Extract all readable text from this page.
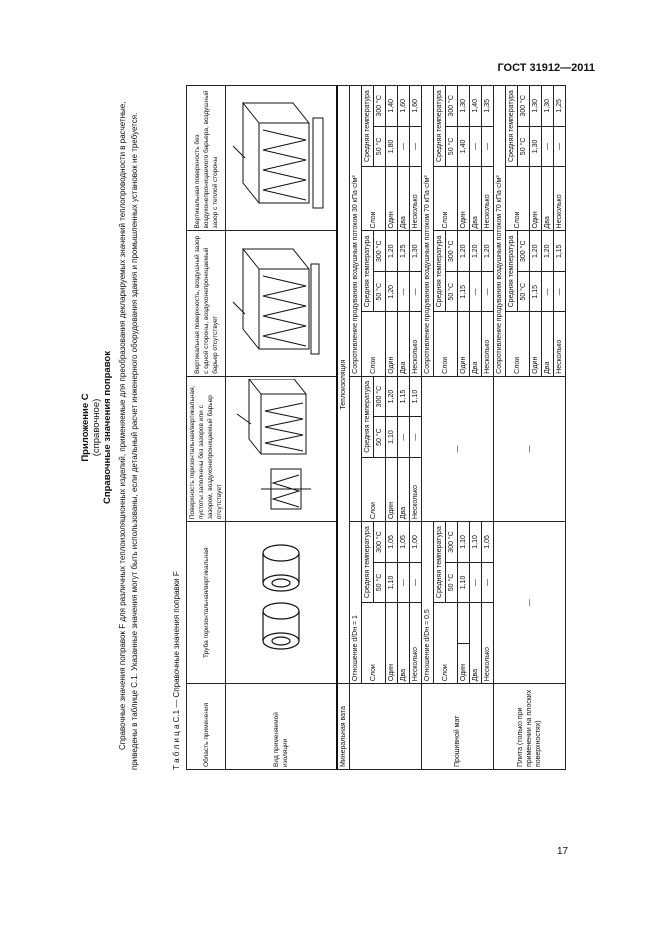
ГОСТ 31912—2011
17
Приложение С (справочное) Справочные значения поправок Справочные значения поправок F для различных теплоизоляционных изделий, применяемые для преобразования декларируемых значений теплопроводности в расчетные, приведены в таблице С.1. Указанные значения могут быть использованы, если детальный расчет инженерного оборудования здания и промышленных установок не требуется.	Т а б л и ц а С.1 — Справочные значения поправки F	Область применения	Труба горизонтальная/вертикальная				Поверхность горизонтальная/вертикальная, пустоты заполнены без зазоров или с зазором, воздухонепроницаемый барьер отсутствует			Вертикальная поверхность, воздушный зазор с одной стороны, воздухонепроницаемый барьер отсутствует			Вертикальная поверхность без воздухонепроницаемого барьера, воздушный зазор с теплой стороны		
Вид применяемой изоляции	

Минеральная вата	Теплоизоляция												
	Отношение d/Dн = 1							Сопротивление продуванию воздушным потоком 30 кПа·с/м²					
	Слои		Средняя температура		Слои	Средняя температура		Слои	Средняя температура		Слои	Средняя температура	
			50 °С	300 °С		50 °С	300 °С		50 °С	300 °С		50 °С	300 °С
	Один		1,10	1,05	Один	1,10	1,20	Один	1,20	1,20	Один	1,80	1,40
	Два		—	1,05	Два	—	1,15	Два	—	1,25	Два	—	1,60
	Несколько		—	1,00	Несколько	—	1,10	Несколько	—	1,30	Несколько	—	1,60
Прошивной мат	Отношение d/Dн = 0,5				—			Сопротивление продуванию воздушным потоком 70 кПа·с/м²					
	Слои		Средняя температура					Слои	Средняя температура		Слои	Средняя температура	
			50 °С	300 °С					50 °С	300 °С		50 °С	300 °С
	Один		1,10	1,10				Один	1,15	1,20	Один	1,40	1,30
	Два		—	1,10				Два	—	1,20	Два	—	1,40
	Несколько		—	1,05				Несколько	—	1,20	Несколько	—	1,35
Плита (только при применении на плоских поверхностях)	—				—			Сопротивление продуванию воздушным потоком 70 кПа·с/м²					
								Слои	Средняя температура		Слои	Средняя температура	
									50 °С	300 °С		50 °С	300 °С
								Один	1,15	1,20	Один	1,30	1,30
								Два	—	1,20	Два	—	1,30
								Несколько	—	1,15	Несколько	—	1,25
